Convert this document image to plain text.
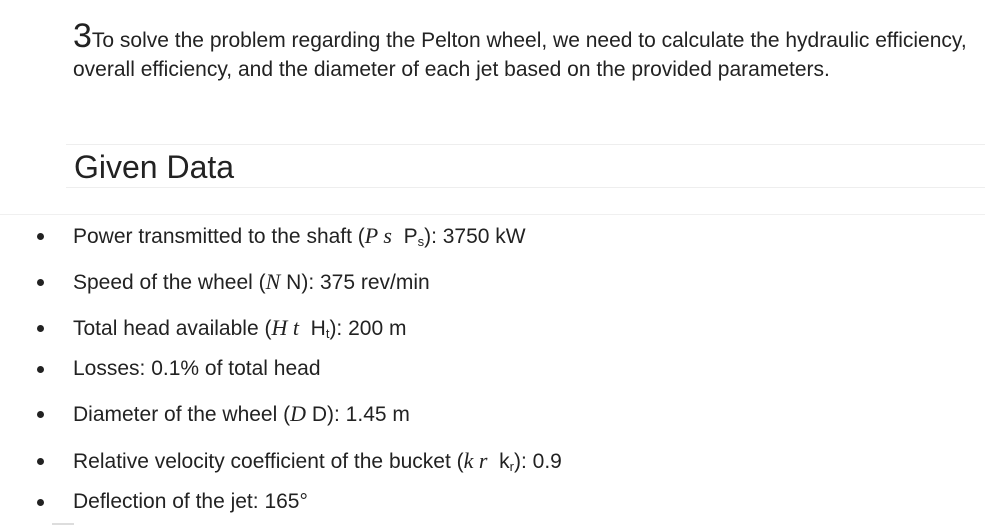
3To solve the problem regarding the Pelton wheel, we need to calculate the hydraulic efficiency, overall efficiency, and the diameter of each jet based on the provided parameters.
Given Data
Power transmitted to the shaft (P s $P_s$): 3750 kW
Speed of the wheel (N N): 375 rev/min
Total head available (H t $H_t$): 200 m
Losses: 0.1% of total head
Diameter of the wheel (D D): 1.45 m
Relative velocity coefficient of the bucket (k r $k_r$): 0.9
Deflection of the jet: 165°
